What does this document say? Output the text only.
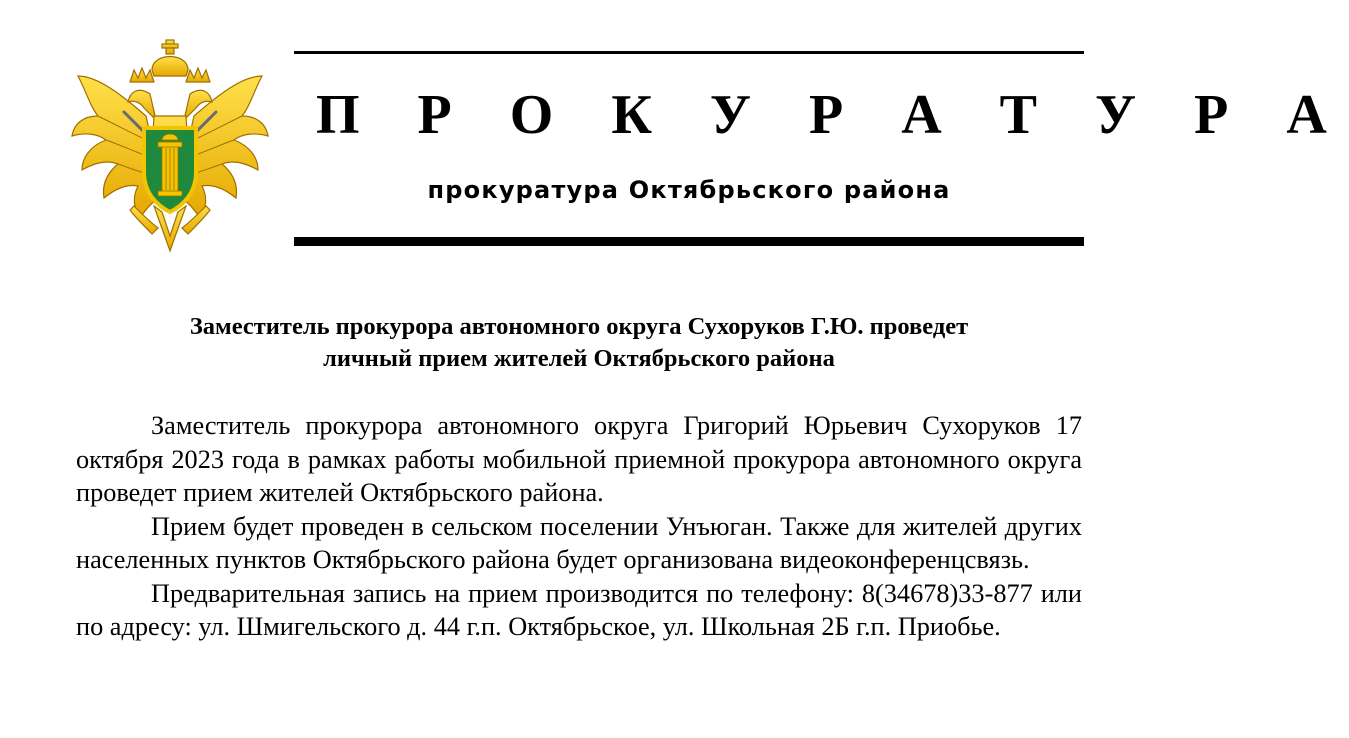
П Р О К У Р А Т У Р А
прокуратура Октябрьского района
Заместитель прокурора автономного округа Сухоруков Г.Ю. проведет
личный прием жителей Октябрьского района

Заместитель прокурора автономного округа Григорий Юрьевич Сухоруков 17 октября 2023 года в рамках работы мобильной приемной прокурора автономного округа проведет прием жителей Октябрьского района.

Прием будет проведен в сельском поселении Унъюган. Также для жителей других населенных пунктов Октябрьского района будет организована видеоконференцсвязь.

Предварительная запись на прием производится по телефону: 8(34678)33-877 или по адресу: ул. Шмигельского д. 44 г.п. Октябрьское, ул. Школьная 2Б г.п. Приобье.
